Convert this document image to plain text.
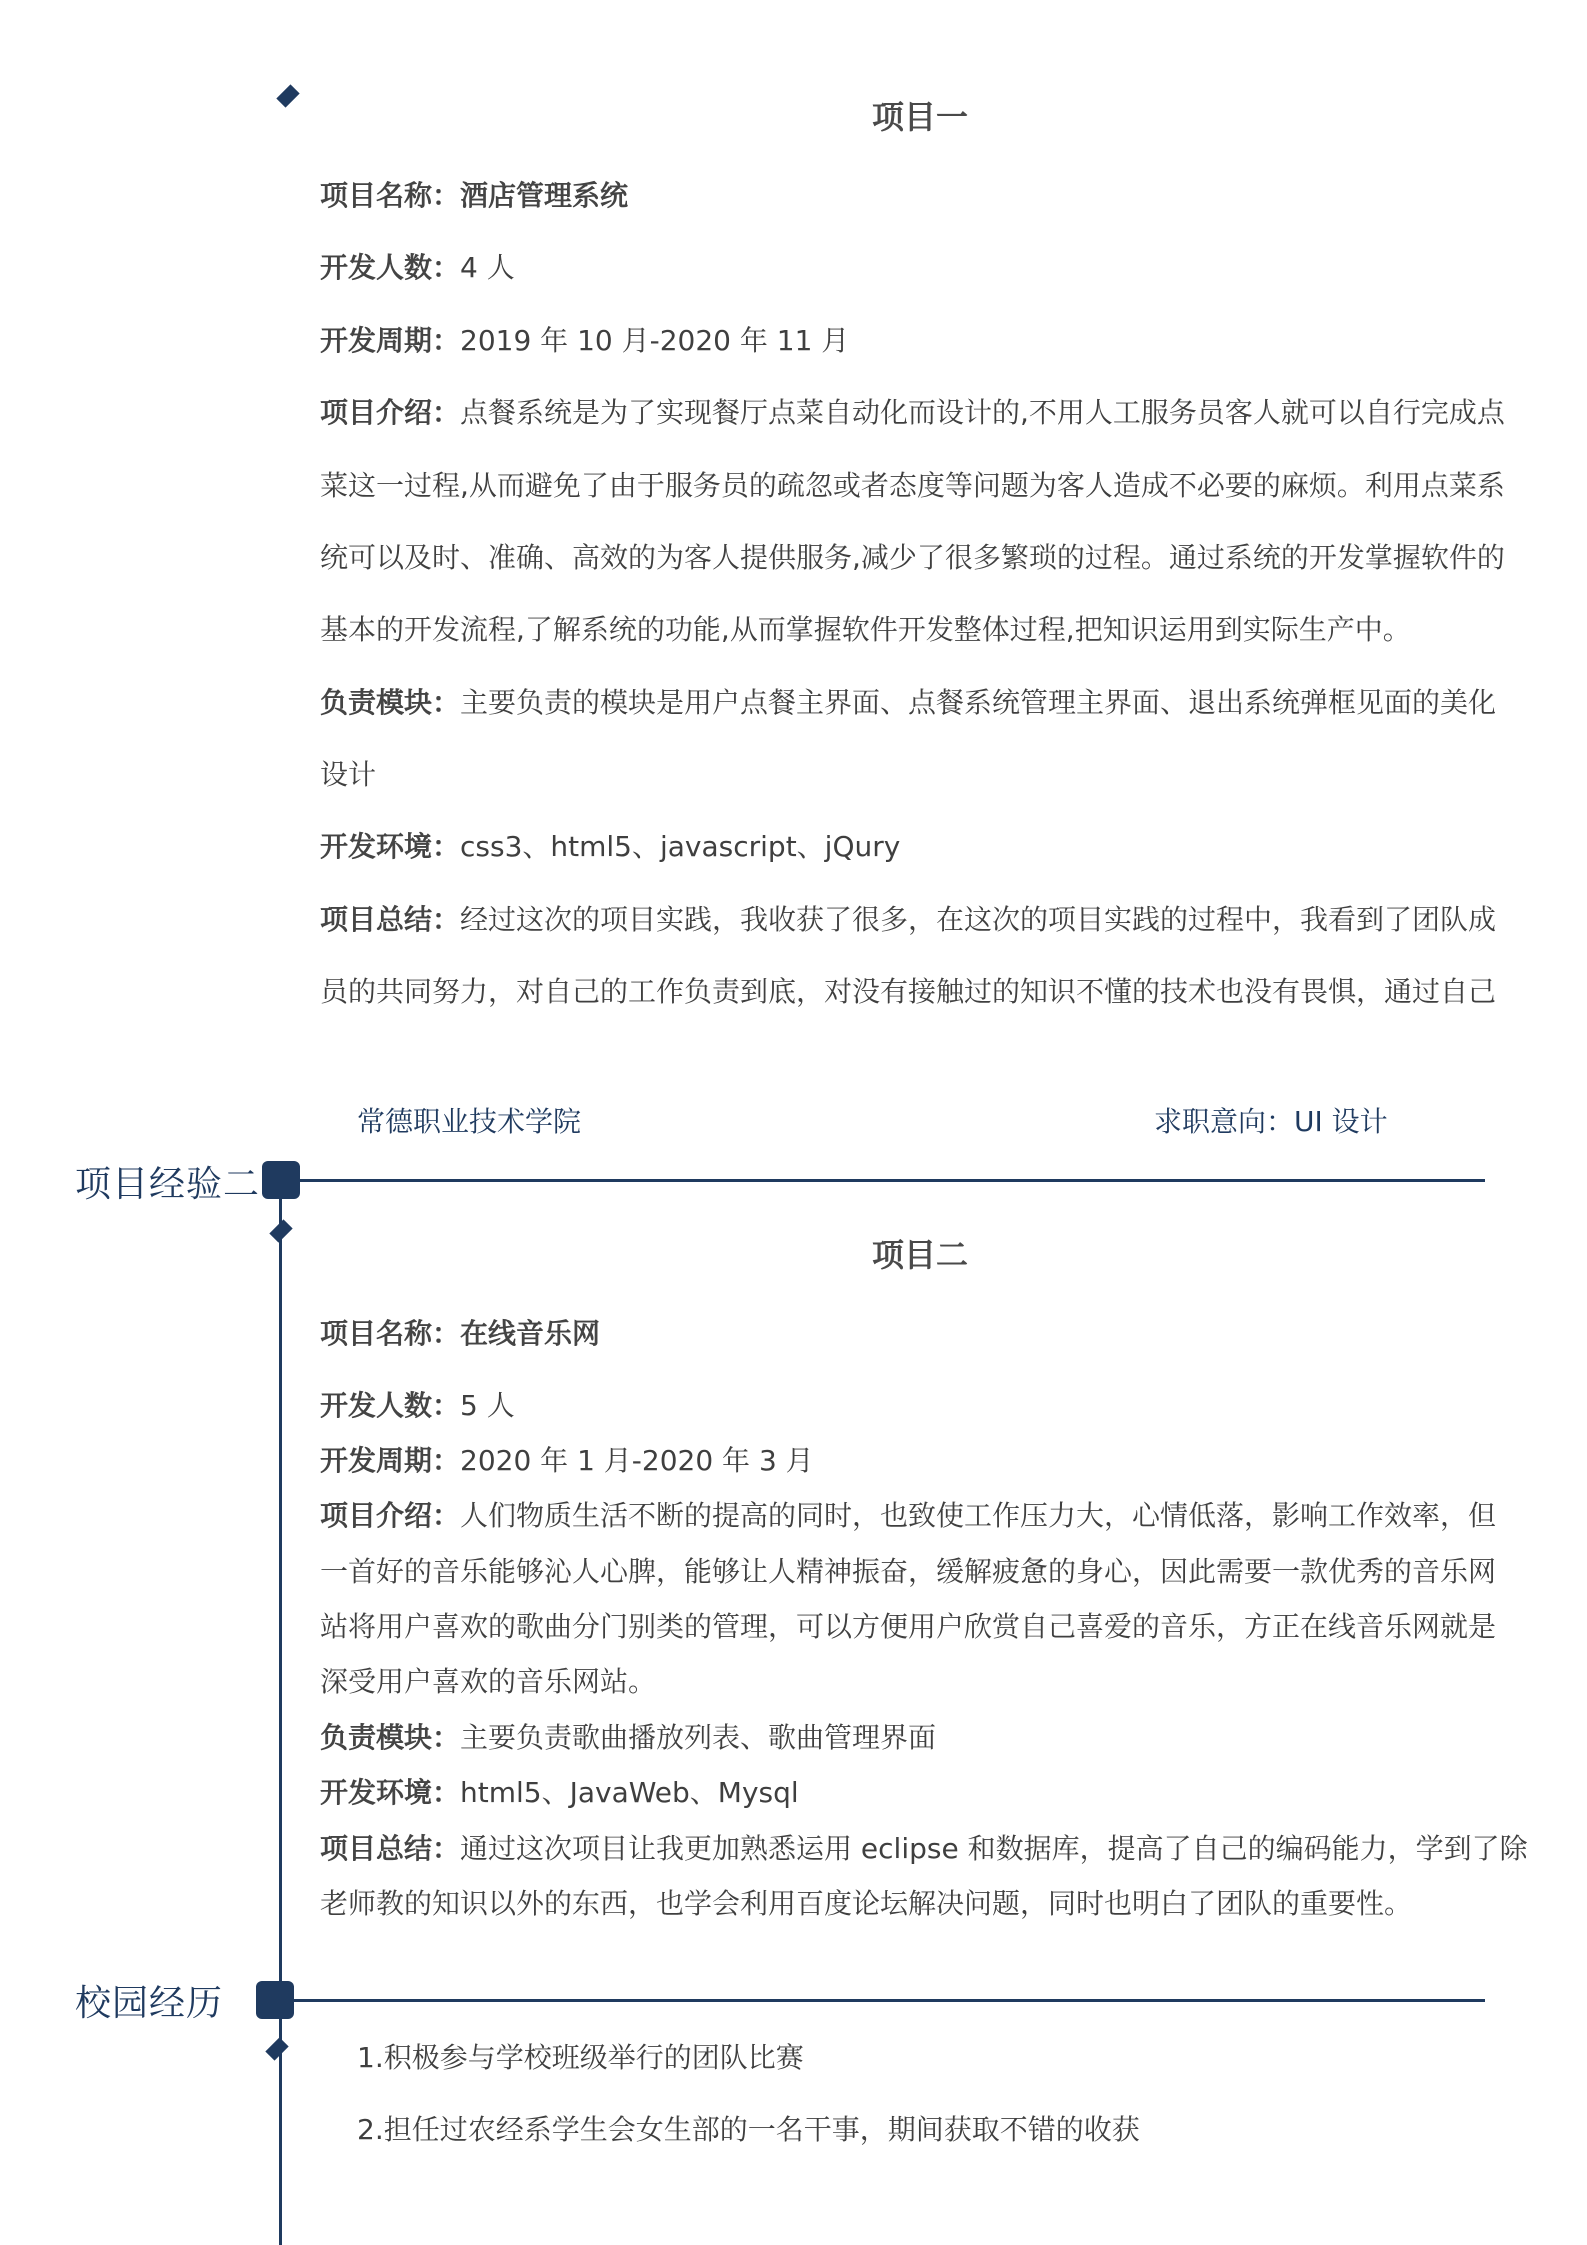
项目一
项目名称：酒店管理系统
开发人数：4 人
开发周期：2019 年 10 月-2020 年 11 月
项目介绍：点餐系统是为了实现餐厅点菜自动化而设计的,不用人工服务员客人就可以自行完成点
菜这一过程,从而避免了由于服务员的疏忽或者态度等问题为客人造成不必要的麻烦。利用点菜系
统可以及时、准确、高效的为客人提供服务,减少了很多繁琐的过程。通过系统的开发掌握软件的
基本的开发流程,了解系统的功能,从而掌握软件开发整体过程,把知识运用到实际生产中。
负责模块：主要负责的模块是用户点餐主界面、点餐系统管理主界面、退出系统弹框见面的美化
设计
开发环境：css3、html5、javascript、jQury
项目总结：经过这次的项目实践，我收获了很多，在这次的项目实践的过程中，我看到了团队成
员的共同努力，对自己的工作负责到底，对没有接触过的知识不懂的技术也没有畏惧，通过自己
常德职业技术学院	求职意向：UI 设计
项目经验二
项目二
项目名称：在线音乐网
开发人数：5 人
开发周期：2020 年 1 月-2020 年 3 月
项目介绍：人们物质生活不断的提高的同时，也致使工作压力大，心情低落，影响工作效率，但
一首好的音乐能够沁人心脾，能够让人精神振奋，缓解疲惫的身心，因此需要一款优秀的音乐网
站将用户喜欢的歌曲分门别类的管理，可以方便用户欣赏自己喜爱的音乐，方正在线音乐网就是
深受用户喜欢的音乐网站。
负责模块：主要负责歌曲播放列表、歌曲管理界面
开发环境：html5、JavaWeb、Mysql
项目总结：通过这次项目让我更加熟悉运用 eclipse 和数据库，提高了自己的编码能力，学到了除
老师教的知识以外的东西，也学会利用百度论坛解决问题，同时也明白了团队的重要性。
校园经历
1.积极参与学校班级举行的团队比赛
2.担任过农经系学生会女生部的一名干事，期间获取不错的收获
